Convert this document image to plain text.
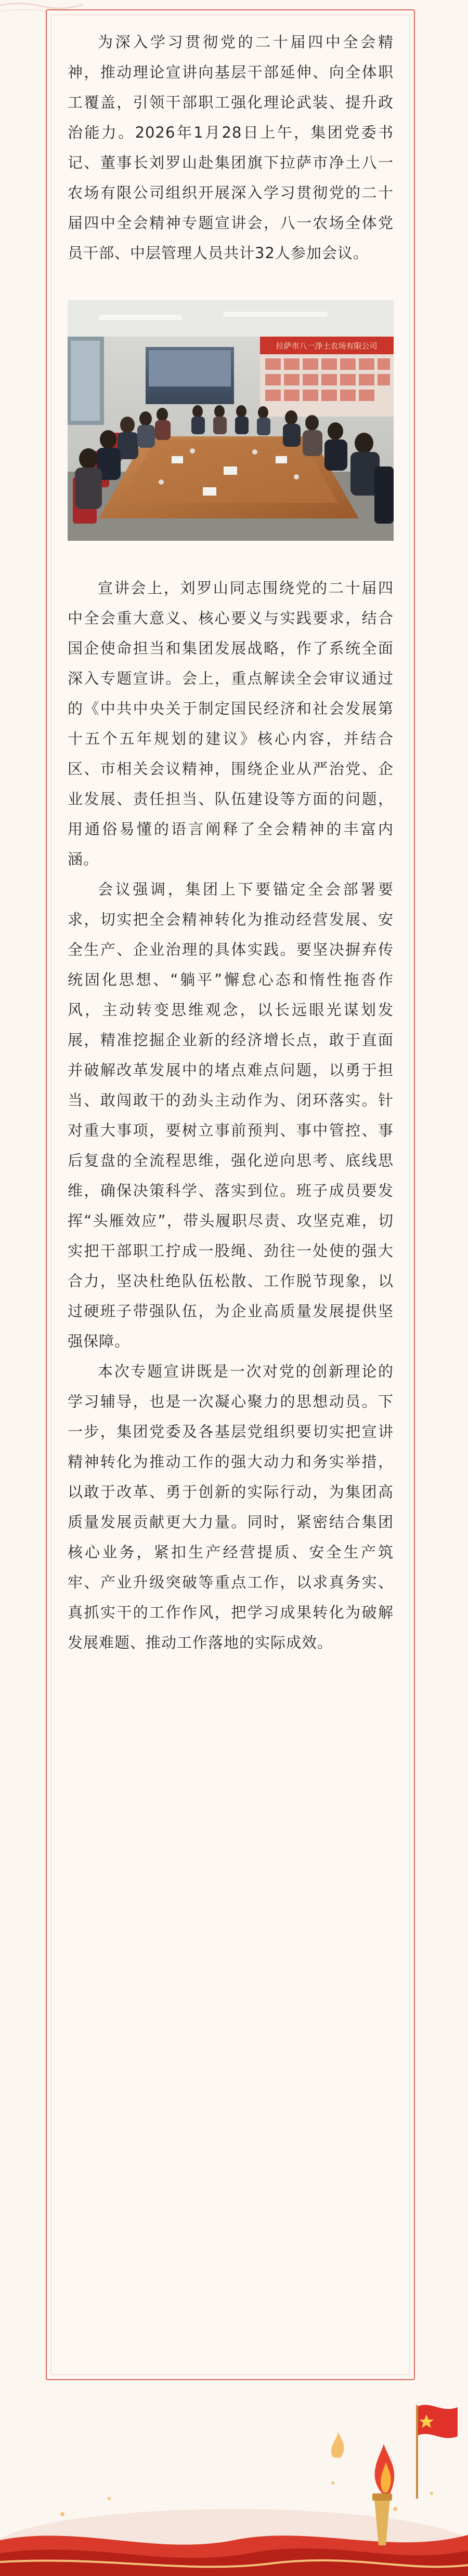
为深入学习贯彻党的二十届四中全会精神，推动理论宣讲向基层干部延伸、向全体职工覆盖，引领干部职工强化理论武装、提升政治能力。2026年1月28日上午，集团党委书记、董事长刘罗山赴集团旗下拉萨市净土八一农场有限公司组织开展深入学习贯彻党的二十届四中全会精神专题宣讲会，八一农场全体党员干部、中层管理人员共计32人参加会议。

拉萨市八一净土农场有限公司

宣讲会上，刘罗山同志围绕党的二十届四中全会重大意义、核心要义与实践要求，结合国企使命担当和集团发展战略，作了系统全面深入专题宣讲。会上，重点解读全会审议通过的《中共中央关于制定国民经济和社会发展第十五个五年规划的建议》核心内容，并结合区、市相关会议精神，围绕企业从严治党、企业发展、责任担当、队伍建设等方面的问题，用通俗易懂的语言阐释了全会精神的丰富内涵。

会议强调，集团上下要锚定全会部署要求，切实把全会精神转化为推动经营发展、安全生产、企业治理的具体实践。要坚决摒弃传统固化思想、“躺平”懈怠心态和惰性拖沓作风，主动转变思维观念，以长远眼光谋划发展，精准挖掘企业新的经济增长点，敢于直面并破解改革发展中的堵点难点问题，以勇于担当、敢闯敢干的劲头主动作为、闭环落实。针对重大事项，要树立事前预判、事中管控、事后复盘的全流程思维，强化逆向思考、底线思维，确保决策科学、落实到位。班子成员要发挥“头雁效应”，带头履职尽责、攻坚克难，切实把干部职工拧成一股绳、劲往一处使的强大合力，坚决杜绝队伍松散、工作脱节现象，以过硬班子带强队伍，为企业高质量发展提供坚强保障。

本次专题宣讲既是一次对党的创新理论的学习辅导，也是一次凝心聚力的思想动员。下一步，集团党委及各基层党组织要切实把宣讲精神转化为推动工作的强大动力和务实举措，以敢于改革、勇于创新的实际行动，为集团高质量发展贡献更大力量。同时，紧密结合集团核心业务，紧扣生产经营提质、安全生产筑牢、产业升级突破等重点工作，以求真务实、真抓实干的工作作风，把学习成果转化为破解发展难题、推动工作落地的实际成效。
